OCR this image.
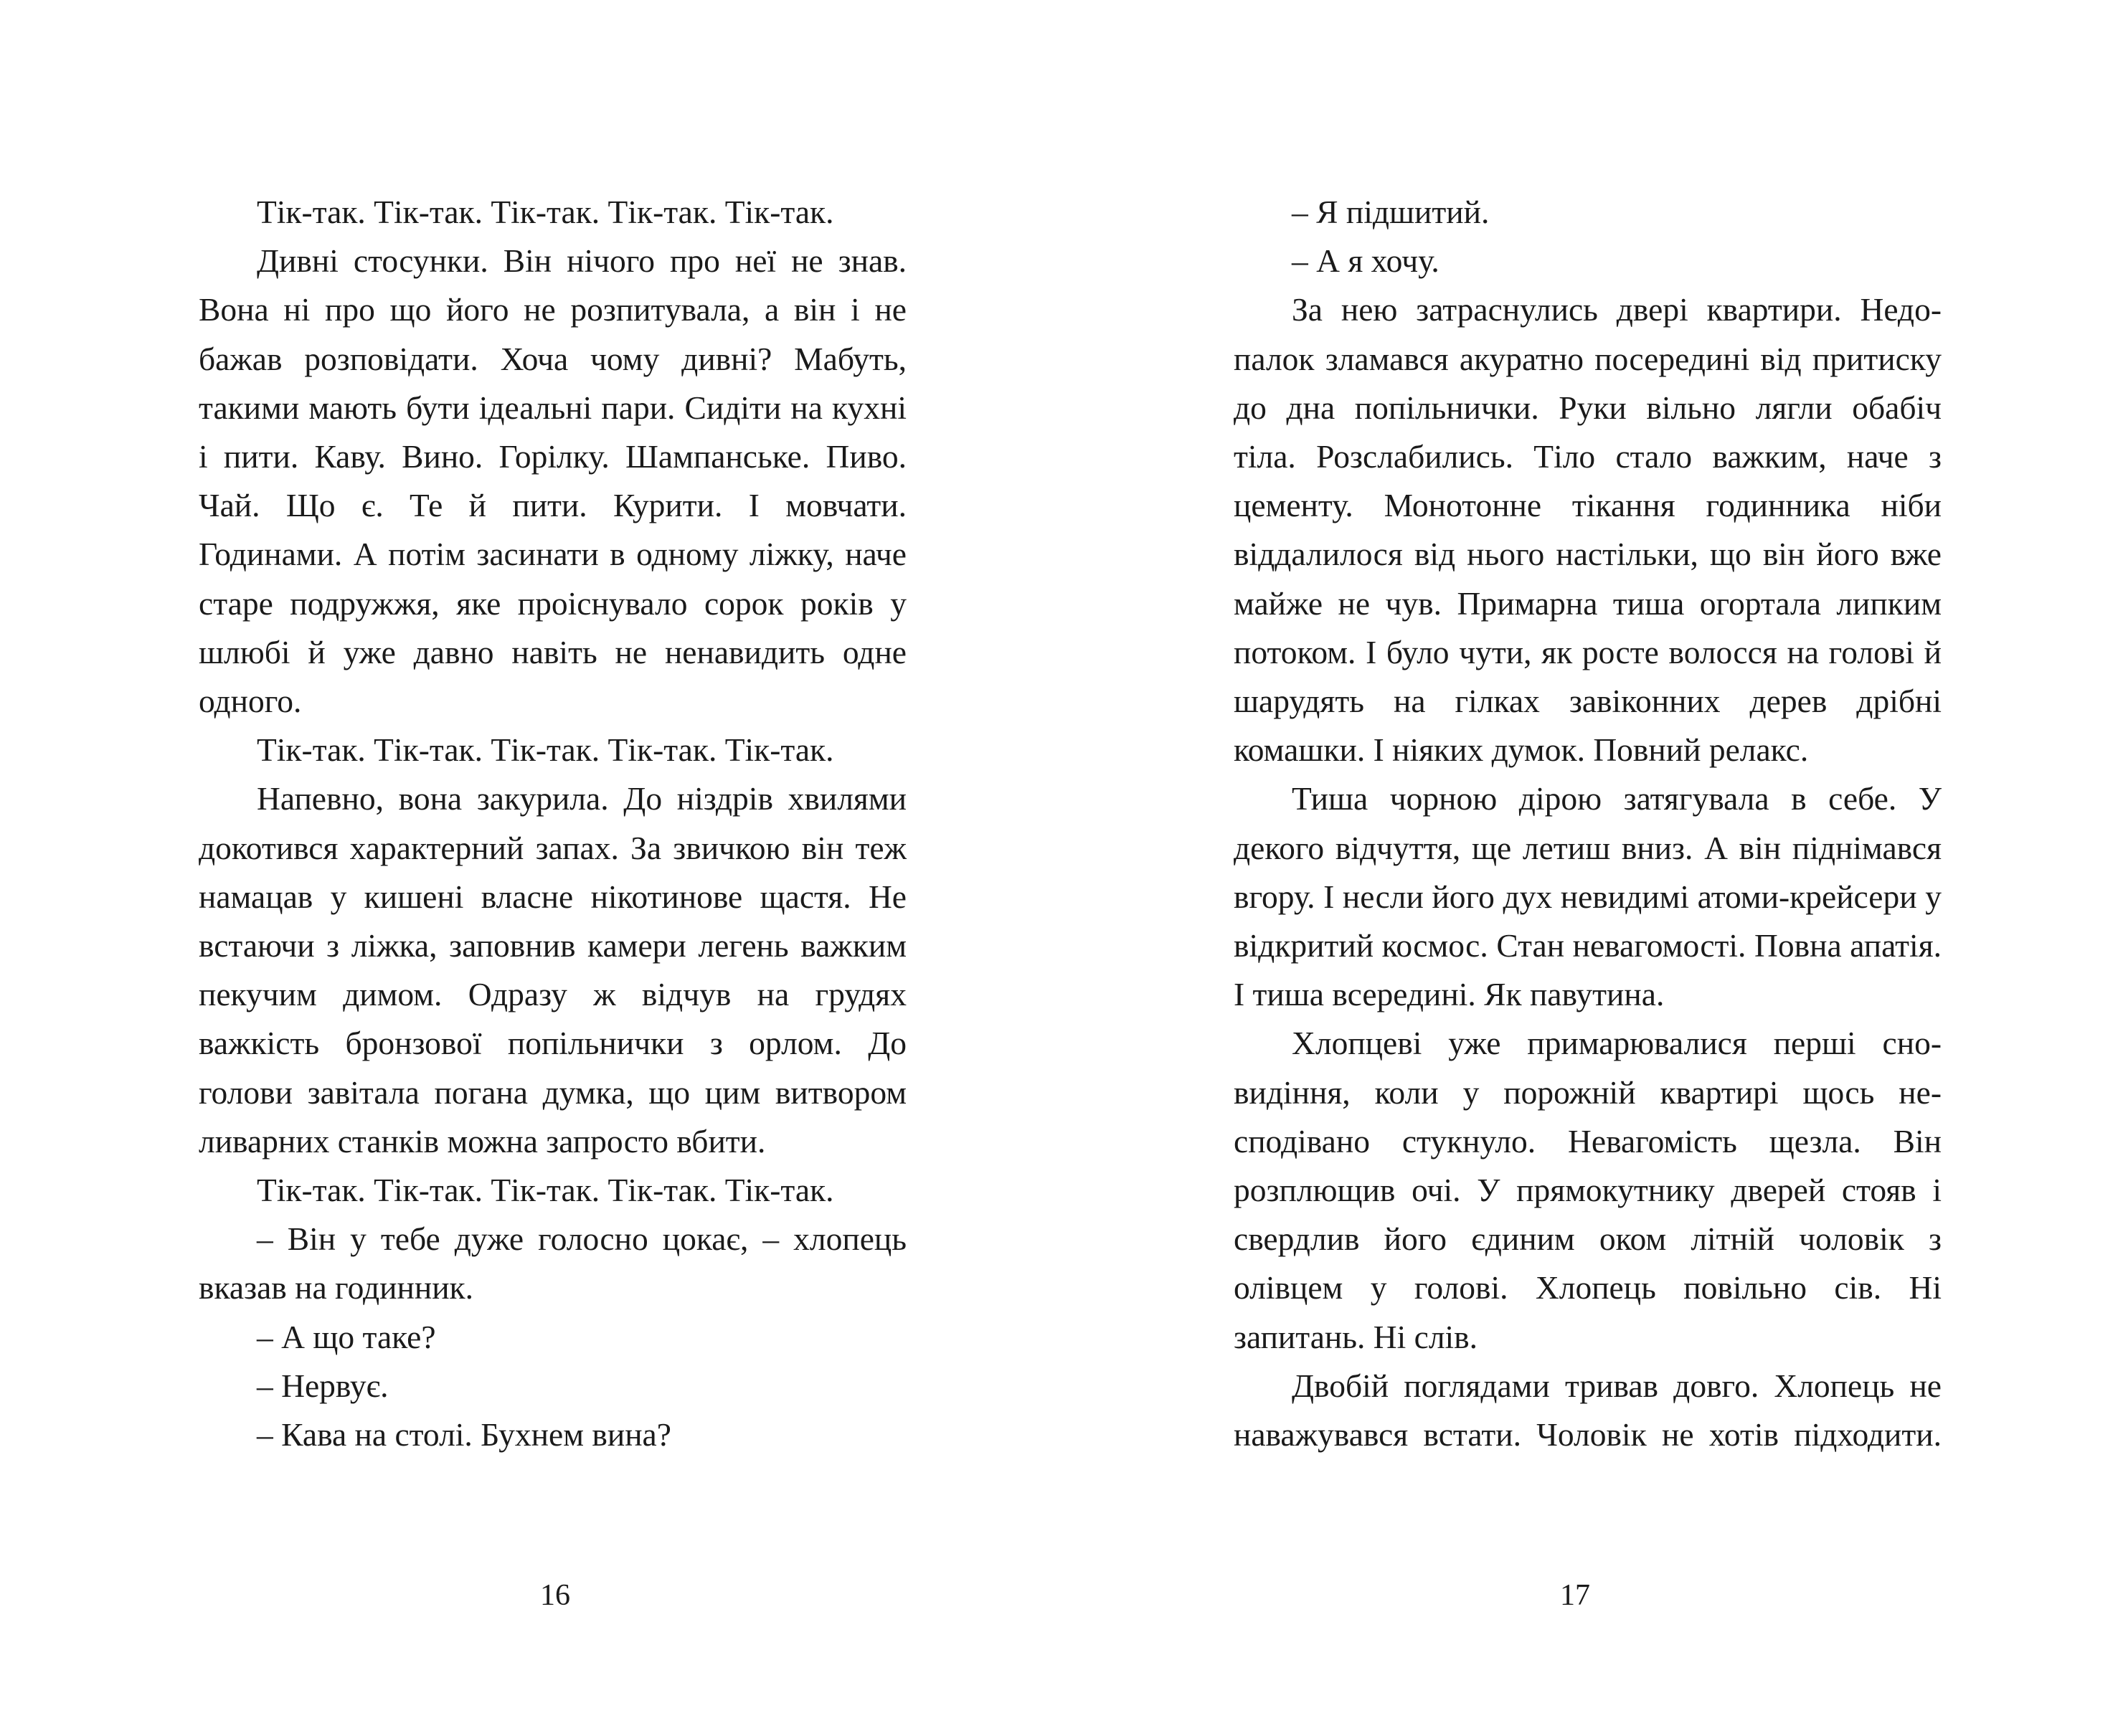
Тік-так. Тік-так. Тік-так. Тік-так. Тік-так.

Дивні стосунки. Він нічого про неї не знав. Вона ні про що його не розпитувала, а він і не бажав розповідати. Хоча чому дивні? Мабуть, такими мають бути ідеальні пари. Сидіти на кухні і пити. Каву. Вино. Горілку. Шампанське. Пиво. Чай. Що є. Те й пити. Курити. І мовчати. Годинами. А потім засинати в одному ліжку, наче старе подружжя, яке проіснувало сорок років у шлюбі й уже давно навіть не ненавидить одне одного.

Тік-так. Тік-так. Тік-так. Тік-так. Тік-так.

Напевно, вона закурила. До ніздрів хвилями докотився характерний запах. За звичкою він теж намацав у кишені власне нікотинове щастя. Не встаючи з ліжка, заповнив камери легень важким пекучим димом. Одразу ж відчув на грудях важкість бронзової попільнички з орлом. До голови завітала погана думка, що цим витвором ливарних станків можна запросто вбити.

Тік-так. Тік-так. Тік-так. Тік-так. Тік-так.

– Він у тебе дуже голосно цокає, – хлопець вказав на годинник.

– А що таке?

– Нервує.

– Кава на столі. Бухнем вина?

16

– Я підшитий.

– А я хочу.

За нею затраснулись двері квартири. Недопалок зламався акуратно посередині від притиску до дна попільнички. Руки вільно лягли обабіч тіла. Розслабились. Тіло стало важким, наче з цементу. Монотонне тікання годинника ніби віддалилося від нього настільки, що він його вже майже не чув. Примарна тиша огортала липким потоком. І було чути, як росте волосся на голові й шарудять на гілках завіконних дерев дрібні комашки. І ніяких думок. Повний релакс.

Тиша чорною дірою затягувала в себе. У декого відчуття, ще летиш вниз. А він піднімався вгору. І несли його дух невидимі атоми-крейсери у відкритий космос. Стан невагомості. Повна апатія. І тиша всередині. Як павутина.

Хлопцеві уже примарювалися перші сновидіння, коли у порожній квартирі щось несподівано стукнуло. Невагомість щезла. Він розплющив очі. У прямокутнику дверей стояв і свердлив його єдиним оком літній чоловік з олівцем у голові. Хлопець повільно сів. Ні запитань. Ні слів.

Двобій поглядами тривав довго. Хлопець не наважувався встати. Чоловік не хотів підходити.

17
